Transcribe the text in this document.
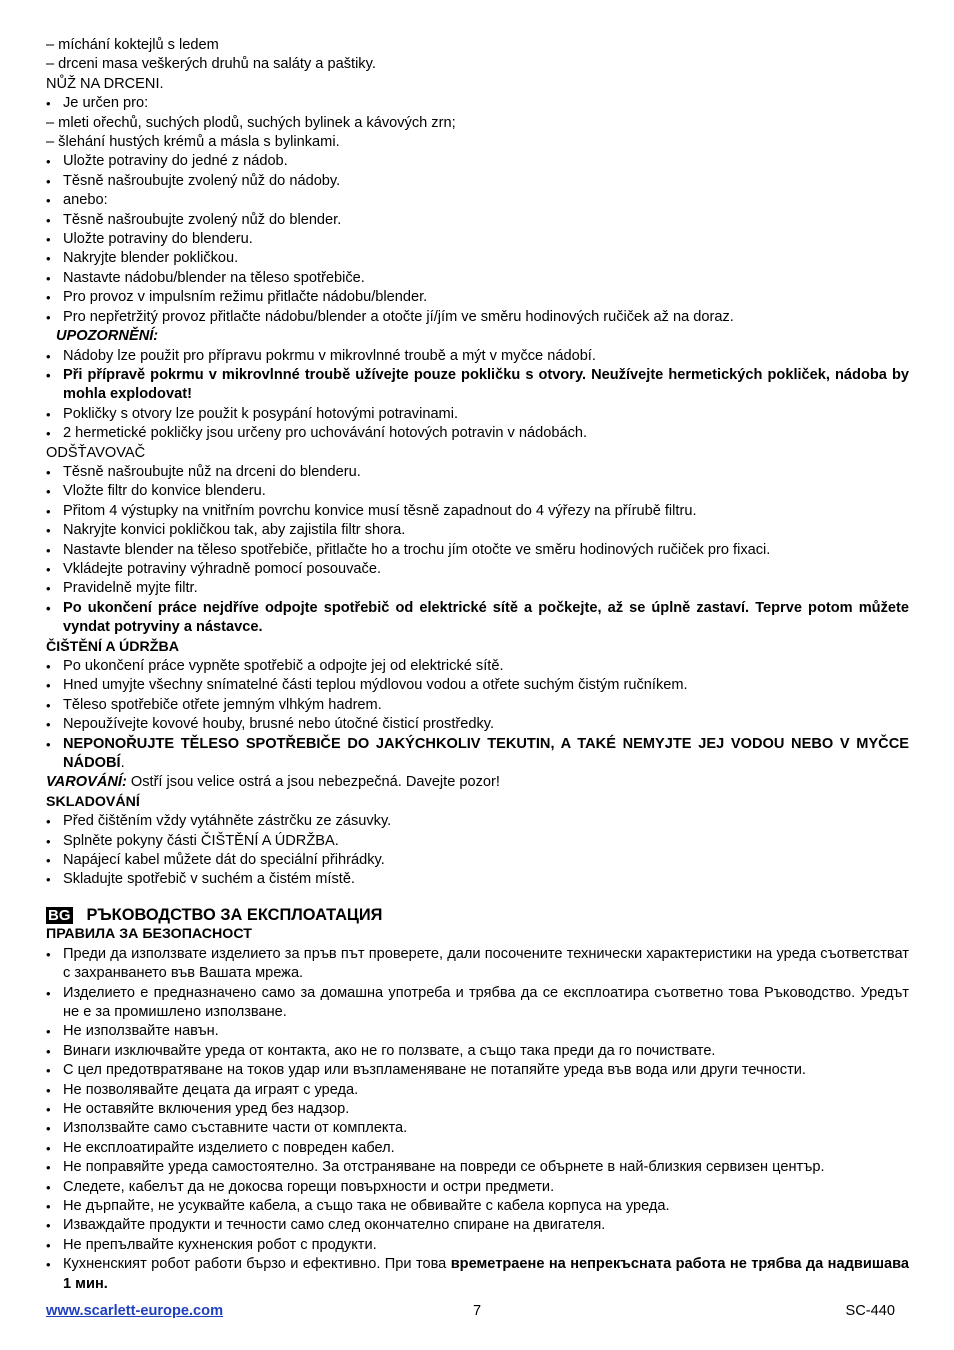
– míchání koktejlů s ledem

– drceni masa veškerých druhů na saláty a paštiky.

NŮŽ NA DRCENI.

• Je určen pro:

– mleti ořechů, suchých plodů, suchých bylinek a kávových zrn;

– šlehání hustých krémů a másla s bylinkami.

• Uložte potraviny do jedné z nádob.

• Těsně našroubujte zvolený nůž do nádoby.

• anebo:

• Těsně našroubujte zvolený nůž do blender.

• Uložte potraviny do blenderu.

• Nakryjte blender pokličkou.

• Nastavte nádobu/blender na těleso spotřebiče.

• Pro provoz v impulsním režimu přitlačte nádobu/blender.

• Pro nepřetržitý provoz přitlačte nádobu/blender a otočte jí/jím ve směru hodinových ručiček až na doraz.

UPOZORNĚNÍ:

• Nádoby lze použit pro přípravu pokrmu v mikrovlnné troubě a mýt v myčce nádobí.

• Při přípravě pokrmu v mikrovlnné troubě užívejte pouze pokličku s otvory. Neužívejte hermetických pokliček, nádoba by mohla explodovat!

• Pokličky s otvory lze použit k posypání hotovými potravinami.

• 2 hermetické pokličky jsou určeny pro uchovávání hotových potravin v nádobách.

ODŠŤAVOVAČ

• Těsně našroubujte nůž na drceni do blenderu.

• Vložte filtr do konvice blenderu.

• Přitom 4 výstupky na vnitřním povrchu konvice musí těsně zapadnout do 4 výřezy na přírubě filtru.

• Nakryjte konvici pokličkou tak, aby zajistila filtr shora.

• Nastavte blender na těleso spotřebiče, přitlačte ho a trochu jím otočte ve směru hodinových ručiček pro fixaci.

• Vkládejte potraviny výhradně pomocí posouvače.

• Pravidelně myjte filtr.

• Po ukončení práce nejdříve odpojte spotřebič od elektrické sítě a počkejte, až se úplně zastaví. Teprve potom můžete vyndat potryviny a nástavce.

ČIŠTĚNÍ A ÚDRŽBA

• Po ukončení práce vypněte spotřebič a odpojte jej od elektrické sítě.

• Hned umyjte všechny snímatelné části teplou mýdlovou vodou a otřete suchým čistým ručníkem.

• Těleso spotřebiče otřete jemným vlhkým hadrem.

• Nepoužívejte kovové houby, brusné nebo útočné čisticí prostředky.

• NEPONOŘUJTE TĚLESO SPOTŘEBIČE DO JAKÝCHKOLIV TEKUTIN, A TAKÉ NEMYJTE JEJ VODOU NEBO V MYČCE NÁDOBÍ.

VAROVÁNÍ: Ostří jsou velice ostrá a jsou nebezpečná. Davejte pozor!

SKLADOVÁNÍ

• Před čištěním vždy vytáhněte zástrčku ze zásuvky.

• Splněte pokyny části ČIŠTĚNÍ A ÚDRŽBA.

• Napájecí kabel můžete dát do speciální přihrádky.

• Skladujte spotřebič v suchém a čistém místě.

BG РЪКОВОДСТВО ЗА ЕКСПЛОАТАЦИЯ

ПРАВИЛА ЗА БЕЗОПАСНОСТ

• Преди да използвате изделието за пръв път проверете, дали посочените технически характеристики на уреда съответстват с захранването във Вашата мрежа.

• Изделието е предназначено само за домашна употреба и трябва да се експлоатира съответно това Ръководство. Уредът не е за промишлено използване.

• Не използвайте навън.

• Винаги изключвайте уреда от контакта, ако не го ползвате, а също така преди да го почиствате.

• С цел предотвратяване на токов удар или възпламеняване не потапяйте уреда във вода или други течности.

• Не позволявайте децата да играят с уреда.

• Не оставяйте включения уред без надзор.

• Използвайте само съставните части от комплекта.

• Не експлоатирайте изделието с повреден кабел.

• Не поправяйте уреда самостоятелно. За отстраняване на повреди се обърнете в най-близкия сервизен център.

• Следете, кабелът да не докосва горещи повърхности и остри предмети.

• Не дърпайте, не усуквайте кабела, а също така не обвивайте с кабела корпуса на уреда.

• Изваждайте продукти и течности само след окончателно спиране на двигателя.

• Не препълвайте кухненския робот с продукти.

• Кухненският робот работи бързо и ефективно. При това времетраене на непрекъсната работа не трябва да надвишава 1 мин.

www.scarlett-europe.com	7	SC-440
